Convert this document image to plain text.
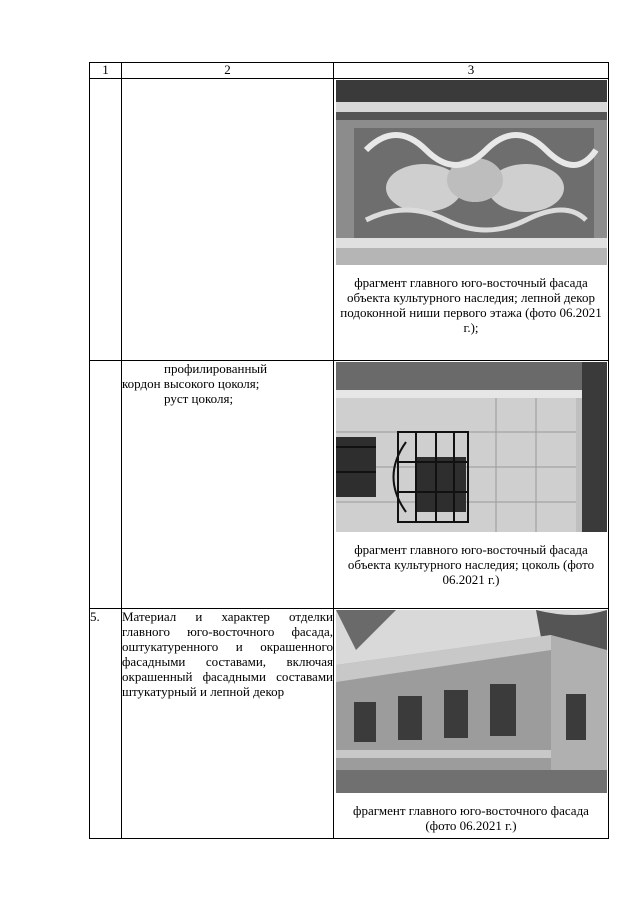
1	2	3

		фрагмент главного юго-восточный фасада объекта культурного наследия; лепной декор подоконной ниши первого этажа (фото 06.2021 г.);

	профилированный
кордон высокого цоколя;
руст цоколя;	фрагмент главного юго-восточный фасада объекта культурного наследия; цоколь (фото 06.2021 г.)

5.	Материал и характер отделки главного юго-восточного фасада, оштукатуренного и окрашенного фасадными составами, включая окрашенный фасадными составами штукатурный и лепной декор	фрагмент главного юго-восточного фасада (фото 06.2021 г.)
